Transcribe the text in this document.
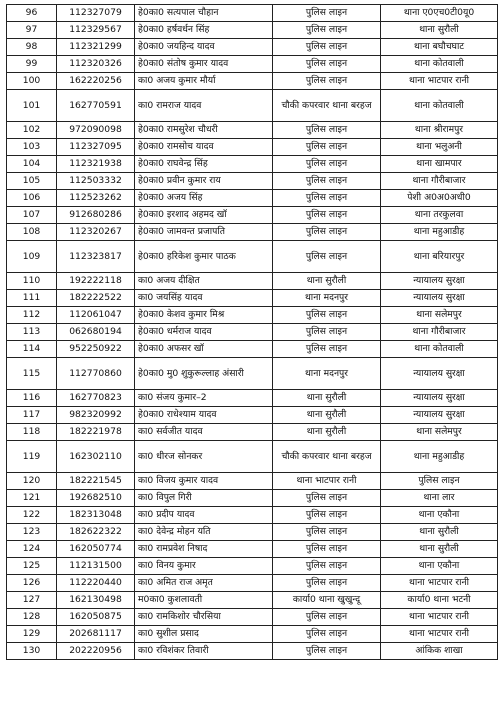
96	112327079	हे0का0 सत्यपाल चौहान	पुलिस लाइन	थाना ए0एच0टी0यू0
97	112329567	हे0का0 हर्षवर्धन सिंह	पुलिस लाइन	थाना सुरौली
98	112321299	हे0का0 जयहिन्द यादव	पुलिस लाइन	थाना बघौचघाट
99	112320326	हे0का0 संतोष कुमार यादव	पुलिस लाइन	थाना कोतवाली
100	162220256	का0 अजय कुमार मौर्या	पुलिस लाइन	थाना भाटपार रानी
101	162770591	का0 रामराज यादव	चौकी कपरवार थाना बरहज	थाना कोतवाली
102	972090098	हे0का0 रामसुरेश चौधरी	पुलिस लाइन	थाना श्रीरामपुर
103	112327095	हे0का0 रामसोच यादव	पुलिस लाइन	थाना भलुअनी
104	112321938	हे0का0 राघवेन्द्र सिंह	पुलिस लाइन	थाना खामपार
105	112503332	हे0का0 प्रवीन कुमार राय	पुलिस लाइन	थाना गौरीबाजार
106	112523262	हे0का0 अजय सिंह	पुलिस लाइन	पेशी अ0अ0अधी0
107	912680286	हे0का0 इरशाद अहमद खॉ	पुलिस लाइन	थाना तरकुलवा
108	112320267	हे0का0 जामवन्त प्रजापति	पुलिस लाइन	थाना महुआडीह
109	112323817	हे0का0 हरिकेश कुमार पाठक	पुलिस लाइन	थाना बरियारपुर
110	192222118	का0 अजय दीक्षित	थाना सुरौली	न्यायालय सुरक्षा
111	182222522	का0 जयसिंह यादव	थाना मदनपुर	न्यायालय सुरक्षा
112	112061047	हे0का0 केशव कुमार मिश्र	पुलिस लाइन	थाना सलेमपुर
113	062680194	हे0का0 धर्मराज यादव	पुलिस लाइन	थाना गौरीबाजार
114	952250922	हे0का0 अफसर खॉ	पुलिस लाइन	थाना कोतवाली
115	112770860	हे0का0 मु0 शुकुरूल्लाह अंसारी	थाना मदनपुर	न्यायालय सुरक्षा
116	162770823	का0 संजय कुमार–2	थाना सुरौली	न्यायालय सुरक्षा
117	982320992	हे0का0 राधेश्याम यादव	थाना सुरौली	न्यायालय सुरक्षा
118	182221978	का0 सर्वजीत यादव	थाना सुरौली	थाना सलेमपुर
119	162302110	का0 धीरज सोनकर	चौकी कपरवार थाना बरहज	थाना महुआडीह
120	182221545	का0 विजय कुमार यादव	थाना भाटपार रानी	पुलिस लाइन
121	192682510	का0 विपुल गिरी	पुलिस लाइन	थाना लार
122	182313048	का0 प्रदीप यादव	पुलिस लाइन	थाना एकौना
123	182622322	का0 देवेन्द्र मोहन यति	पुलिस लाइन	थाना सुरौली
124	162050774	का0 रामप्रवेश निषाद	पुलिस लाइन	थाना सुरौली
125	112131500	का0 विनय कुमार	पुलिस लाइन	थाना एकौना
126	112220440	का0 अमित राज अमृत	पुलिस लाइन	थाना भाटपार रानी
127	162130498	म0का0 कुशलावती	कार्या0 थाना खुखुन्दू	कार्या0 थाना भटनी
128	162050875	का0 रामकिशोर चौरसिया	पुलिस लाइन	थाना भाटपार रानी
129	202681117	का0 सुशील प्रसाद	पुलिस लाइन	थाना भाटपार रानी
130	202220956	का0 रविशंकर तिवारी	पुलिस लाइन	आंकिक शाखा
